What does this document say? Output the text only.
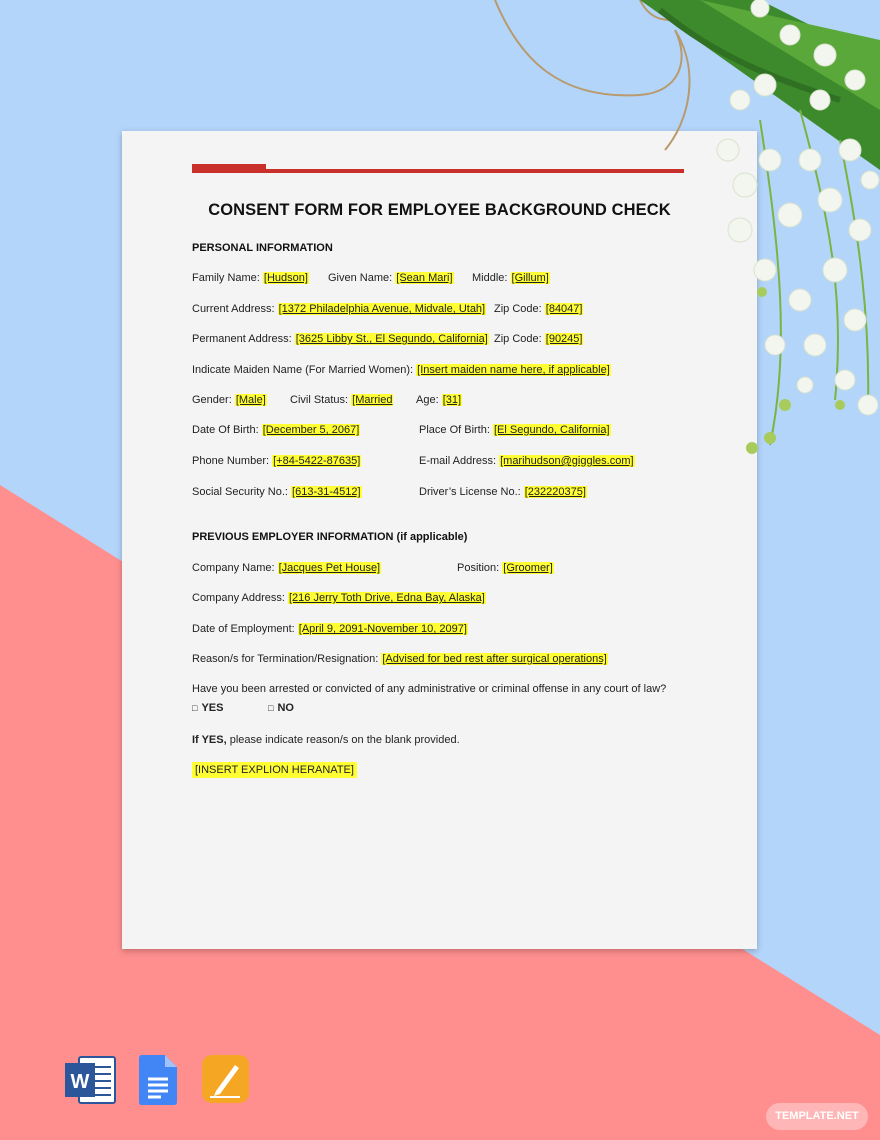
CONSENT FORM FOR EMPLOYEE BACKGROUND CHECK
PERSONAL INFORMATION
Family Name: [Hudson] Given Name: [Sean Mari] Middle: [Gillum]
Current Address: [1372 Philadelphia Avenue, Midvale, Utah] Zip Code: [84047]
Permanent Address: [3625 Libby St., El Segundo, California] Zip Code: [90245]
Indicate Maiden Name (For Married Women): [Insert maiden name here, if applicable]
Gender: [Male] Civil Status: [Married Age: [31]
Date Of Birth: [December 5, 2067]	Place Of Birth: [El Segundo, California]
Phone Number: [+84-5422-87635]	E-mail Address: [marihudson@giggles.com]
Social Security No.: [613-31-4512]	Driver’s License No.: [232220375]
PREVIOUS EMPLOYER INFORMATION (if applicable)
Company Name: [Jacques Pet House]	Position: [Groomer]
Company Address: [216 Jerry Toth Drive, Edna Bay, Alaska]
Date of Employment: [April 9, 2091-November 10, 2097]
Reason/s for Termination/Resignation: [Advised for bed rest after surgical operations]
Have you been arrested or convicted of any administrative or criminal offense in any court of law?
□ YES	□ NO
If YES, please indicate reason/s on the blank provided.
[INSERT EXPLION HERANATE]
W
TEMPLATE.NET
